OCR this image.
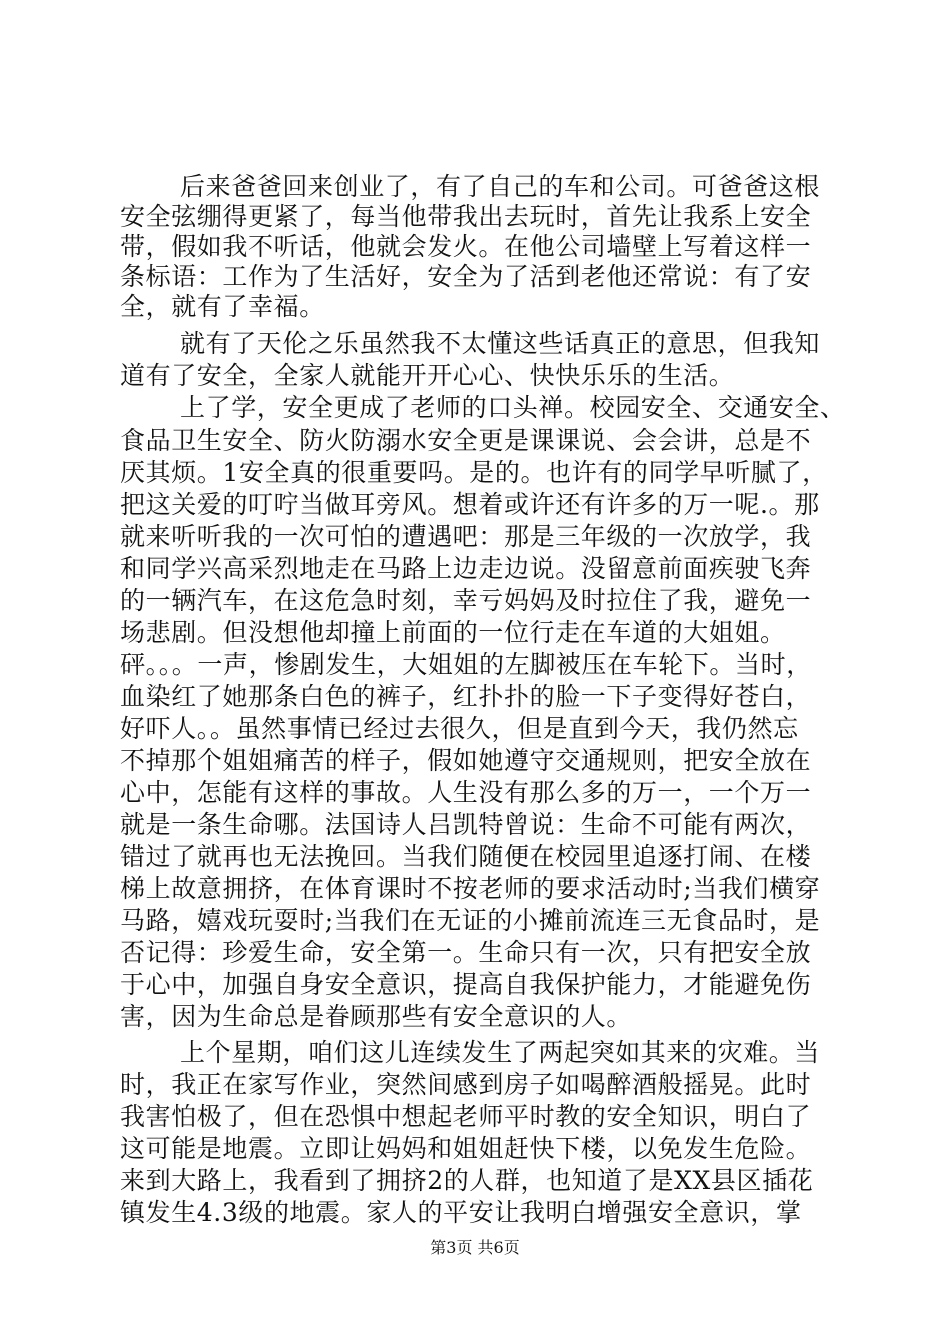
后来爸爸回来创业了，有了自己的车和公司。可爸爸这根
安全弦绷得更紧了，每当他带我出去玩时，首先让我系上安全
带，假如我不听话，他就会发火。在他公司墙壁上写着这样一
条标语：工作为了生活好，安全为了活到老他还常说：有了安
全，就有了幸福。
就有了天伦之乐虽然我不太懂这些话真正的意思，但我知
道有了安全，全家人就能开开心心、快快乐乐的生活。
上了学，安全更成了老师的口头禅。校园安全、交通安全、
食品卫生安全、防火防溺水安全更是课课说、会会讲，总是不
厌其烦。1安全真的很重要吗。是的。也许有的同学早听腻了，
把这关爱的叮咛当做耳旁风。想着或许还有许多的万一呢.。那
就来听听我的一次可怕的遭遇吧：那是三年级的一次放学，我
和同学兴高采烈地走在马路上边走边说。没留意前面疾驶飞奔
的一辆汽车，在这危急时刻，幸亏妈妈及时拉住了我，避免一
场悲剧。但没想他却撞上前面的一位行走在车道的大姐姐。
砰。。。一声，惨剧发生，大姐姐的左脚被压在车轮下。当时，
血染红了她那条白色的裤子，红扑扑的脸一下子变得好苍白，
好吓人。。虽然事情已经过去很久，但是直到今天，我仍然忘
不掉那个姐姐痛苦的样子，假如她遵守交通规则，把安全放在
心中，怎能有这样的事故。人生没有那么多的万一，一个万一
就是一条生命哪。法国诗人吕凯特曾说：生命不可能有两次，
错过了就再也无法挽回。当我们随便在校园里追逐打闹、在楼
梯上故意拥挤，在体育课时不按老师的要求活动时;当我们横穿
马路，嬉戏玩耍时;当我们在无证的小摊前流连三无食品时，是
否记得：珍爱生命，安全第一。生命只有一次，只有把安全放
于心中，加强自身安全意识，提高自我保护能力，才能避免伤
害，因为生命总是眷顾那些有安全意识的人。
上个星期，咱们这儿连续发生了两起突如其来的灾难。当
时，我正在家写作业，突然间感到房子如喝醉酒般摇晃。此时
我害怕极了，但在恐惧中想起老师平时教的安全知识，明白了
这可能是地震。立即让妈妈和姐姐赶快下楼，以免发生危险。
来到大路上，我看到了拥挤2的人群，也知道了是XX县区插花
镇发生4.3级的地震。家人的平安让我明白增强安全意识，掌
第3页 共6页
